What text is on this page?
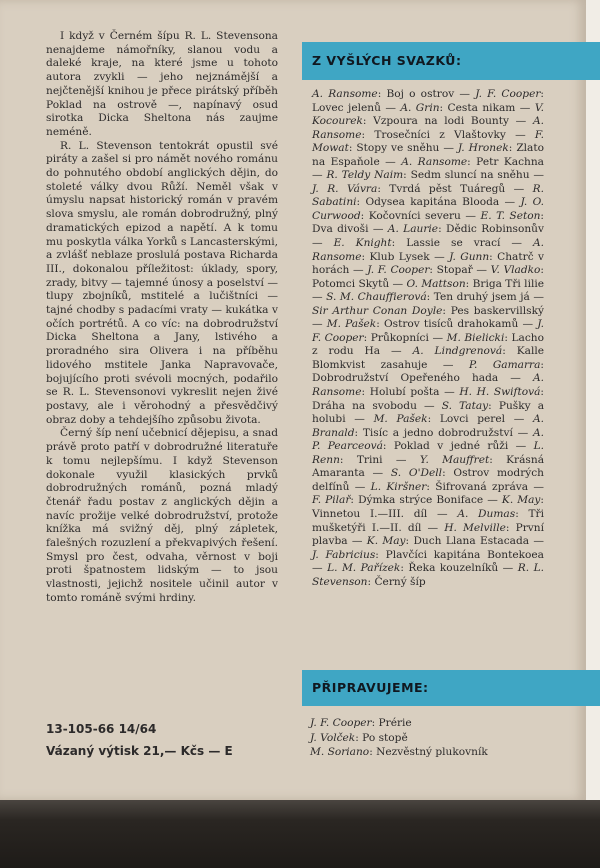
I když v Černém šípu R. L. Stevensona nenajdeme námořníky, slanou vodu a daleké kraje, na které jsme u tohoto autora zvykli — jeho nejznámější a nejčtenější knihou je přece pirátský příběh Poklad na ostrově —, napínavý osud sirotka Dicka Sheltona nás zaujme neméně.

R. L. Stevenson tentokrát opustil své piráty a zašel si pro námět nového románu do pohnutého období anglických dějin, do stoleté války dvou Růží. Neměl však v úmyslu napsat historický román v pravém slova smyslu, ale román dobrodružný, plný dramatických epizod a napětí. A k tomu mu poskytla válka Yorků s Lancasterskými, a zvlášť neblaze proslulá postava Richarda III., dokonalou příležitost: úklady, spory, zrady, bitvy — tajemné únosy a poselství — tlupy zbojníků, mstitelé a lučištníci — tajné chodby s padacími vraty — kukátka v očích portrétů. A co víc: na dobrodružství Dicka Sheltona a Jany, lstivého a proradného sira Olivera i na příběhu lidového mstitele Janka Napravovače, bojujícího proti svévoli mocných, podařilo se R. L. Stevensonovi vykreslit nejen živé postavy, ale i věrohodný a přesvědčivý obraz doby a tehdejšího způsobu života.

Černý šíp není učebnicí dějepisu, a snad právě proto patří v dobrodružné literatuře k tomu nejlepšímu. I když Stevenson dokonale využil klasických prvků dobrodružných románů, pozná mladý čtenář řadu postav z anglických dějin a navíc prožije velké dobrodružství, protože knížka má svižný děj, plný zápletek, falešných rozuzlení a překvapivých řešení. Smysl pro čest, odvaha, věrnost v boji proti špatnostem lidským — to jsou vlastnosti, jejichž nositele učinil autor v tomto románě svými hrdiny.

13-105-66 14/64
Vázaný výtisk 21,— Kčs — E
Z VYŠLÝCH SVAZKŮ:
A. Ransome: Boj o ostrov — J. F. Cooper: Lovec jelenů — A. Grin: Cesta nikam — V. Kocourek: Vzpoura na lodi Bounty — A. Ransome: Trosečníci z Vlaštovky — F. Mowat: Stopy ve sněhu — J. Hronek: Zlato na Espaňole — A. Ransome: Petr Kachna — R. Teldy Naim: Sedm sluncí na sněhu — J. R. Vávra: Tvrdá pěst Tuáregů — R. Sabatini: Odysea kapitána Blooda — J. O. Curwood: Kočovníci severu — E. T. Seton: Dva divoši — A. Laurie: Dědic Robinsonův — E. Knight: Lassie se vrací — A. Ransome: Klub Lysek — J. Gunn: Chatrč v horách — J. F. Cooper: Stopař — V. Vladko: Potomci Skytů — O. Mattson: Briga Tři lilie — S. M. Chauffierová: Ten druhý jsem já — Sir Arthur Conan Doyle: Pes baskervillský — M. Pašek: Ostrov tisíců drahokamů — J. F. Cooper: Průkopníci — M. Bielicki: Lacho z rodu Ha — A. Lindgrenová: Kalle Blomkvist zasahuje — P. Gamarra: Dobrodružství Opeřeného hada — A. Ransome: Holubí pošta — H. H. Swiftová: Dráha na svobodu — S. Tatay: Pušky a holubi — M. Pašek: Lovci perel — A. Branald: Tisíc a jedno dobrodružství — A. P. Pearceová: Poklad v jedné růži — L. Renn: Trini — Y. Mauffret: Krásná Amaranta — S. O'Dell: Ostrov modrých delfínů — L. Kiršner: Šifrovaná zpráva — F. Pilař: Dýmka strýce Boniface — K. May: Vinnetou I.—III. díl — A. Dumas: Tři mušketýři I.—II. díl — H. Melville: První plavba — K. May: Duch Llana Estacada — J. Fabricius: Plavčíci kapitána Bontekoea — L. M. Pařízek: Řeka kouzelníků — R. L. Stevenson: Černý šíp
PŘIPRAVUJEME:
J. F. Cooper: Prérie
J. Volček: Po stopě
M. Soriano: Nezvěstný plukovník
